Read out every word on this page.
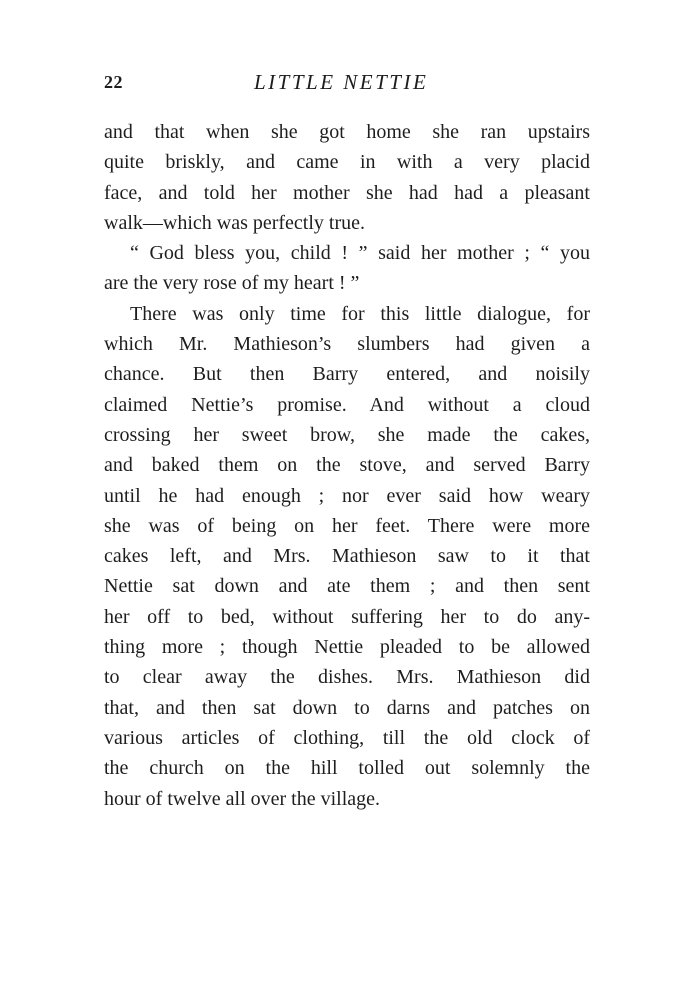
22	LITTLE NETTIE
and that when she got home she ran upstairs
quite briskly, and came in with a very placid
face, and told her mother she had had a pleasant
walk—which was perfectly true.
“ God bless you, child ! ” said her mother ; “ you
are the very rose of my heart ! ”
There was only time for this little dialogue, for
which Mr. Mathieson’s slumbers had given a
chance. But then Barry entered, and noisily
claimed Nettie’s promise. And without a cloud
crossing her sweet brow, she made the cakes,
and baked them on the stove, and served Barry
until he had enough ; nor ever said how weary
she was of being on her feet. There were more
cakes left, and Mrs. Mathieson saw to it that
Nettie sat down and ate them ; and then sent
her off to bed, without suffering her to do any-
thing more ; though Nettie pleaded to be allowed
to clear away the dishes. Mrs. Mathieson did
that, and then sat down to darns and patches on
various articles of clothing, till the old clock of
the church on the hill tolled out solemnly the
hour of twelve all over the village.
